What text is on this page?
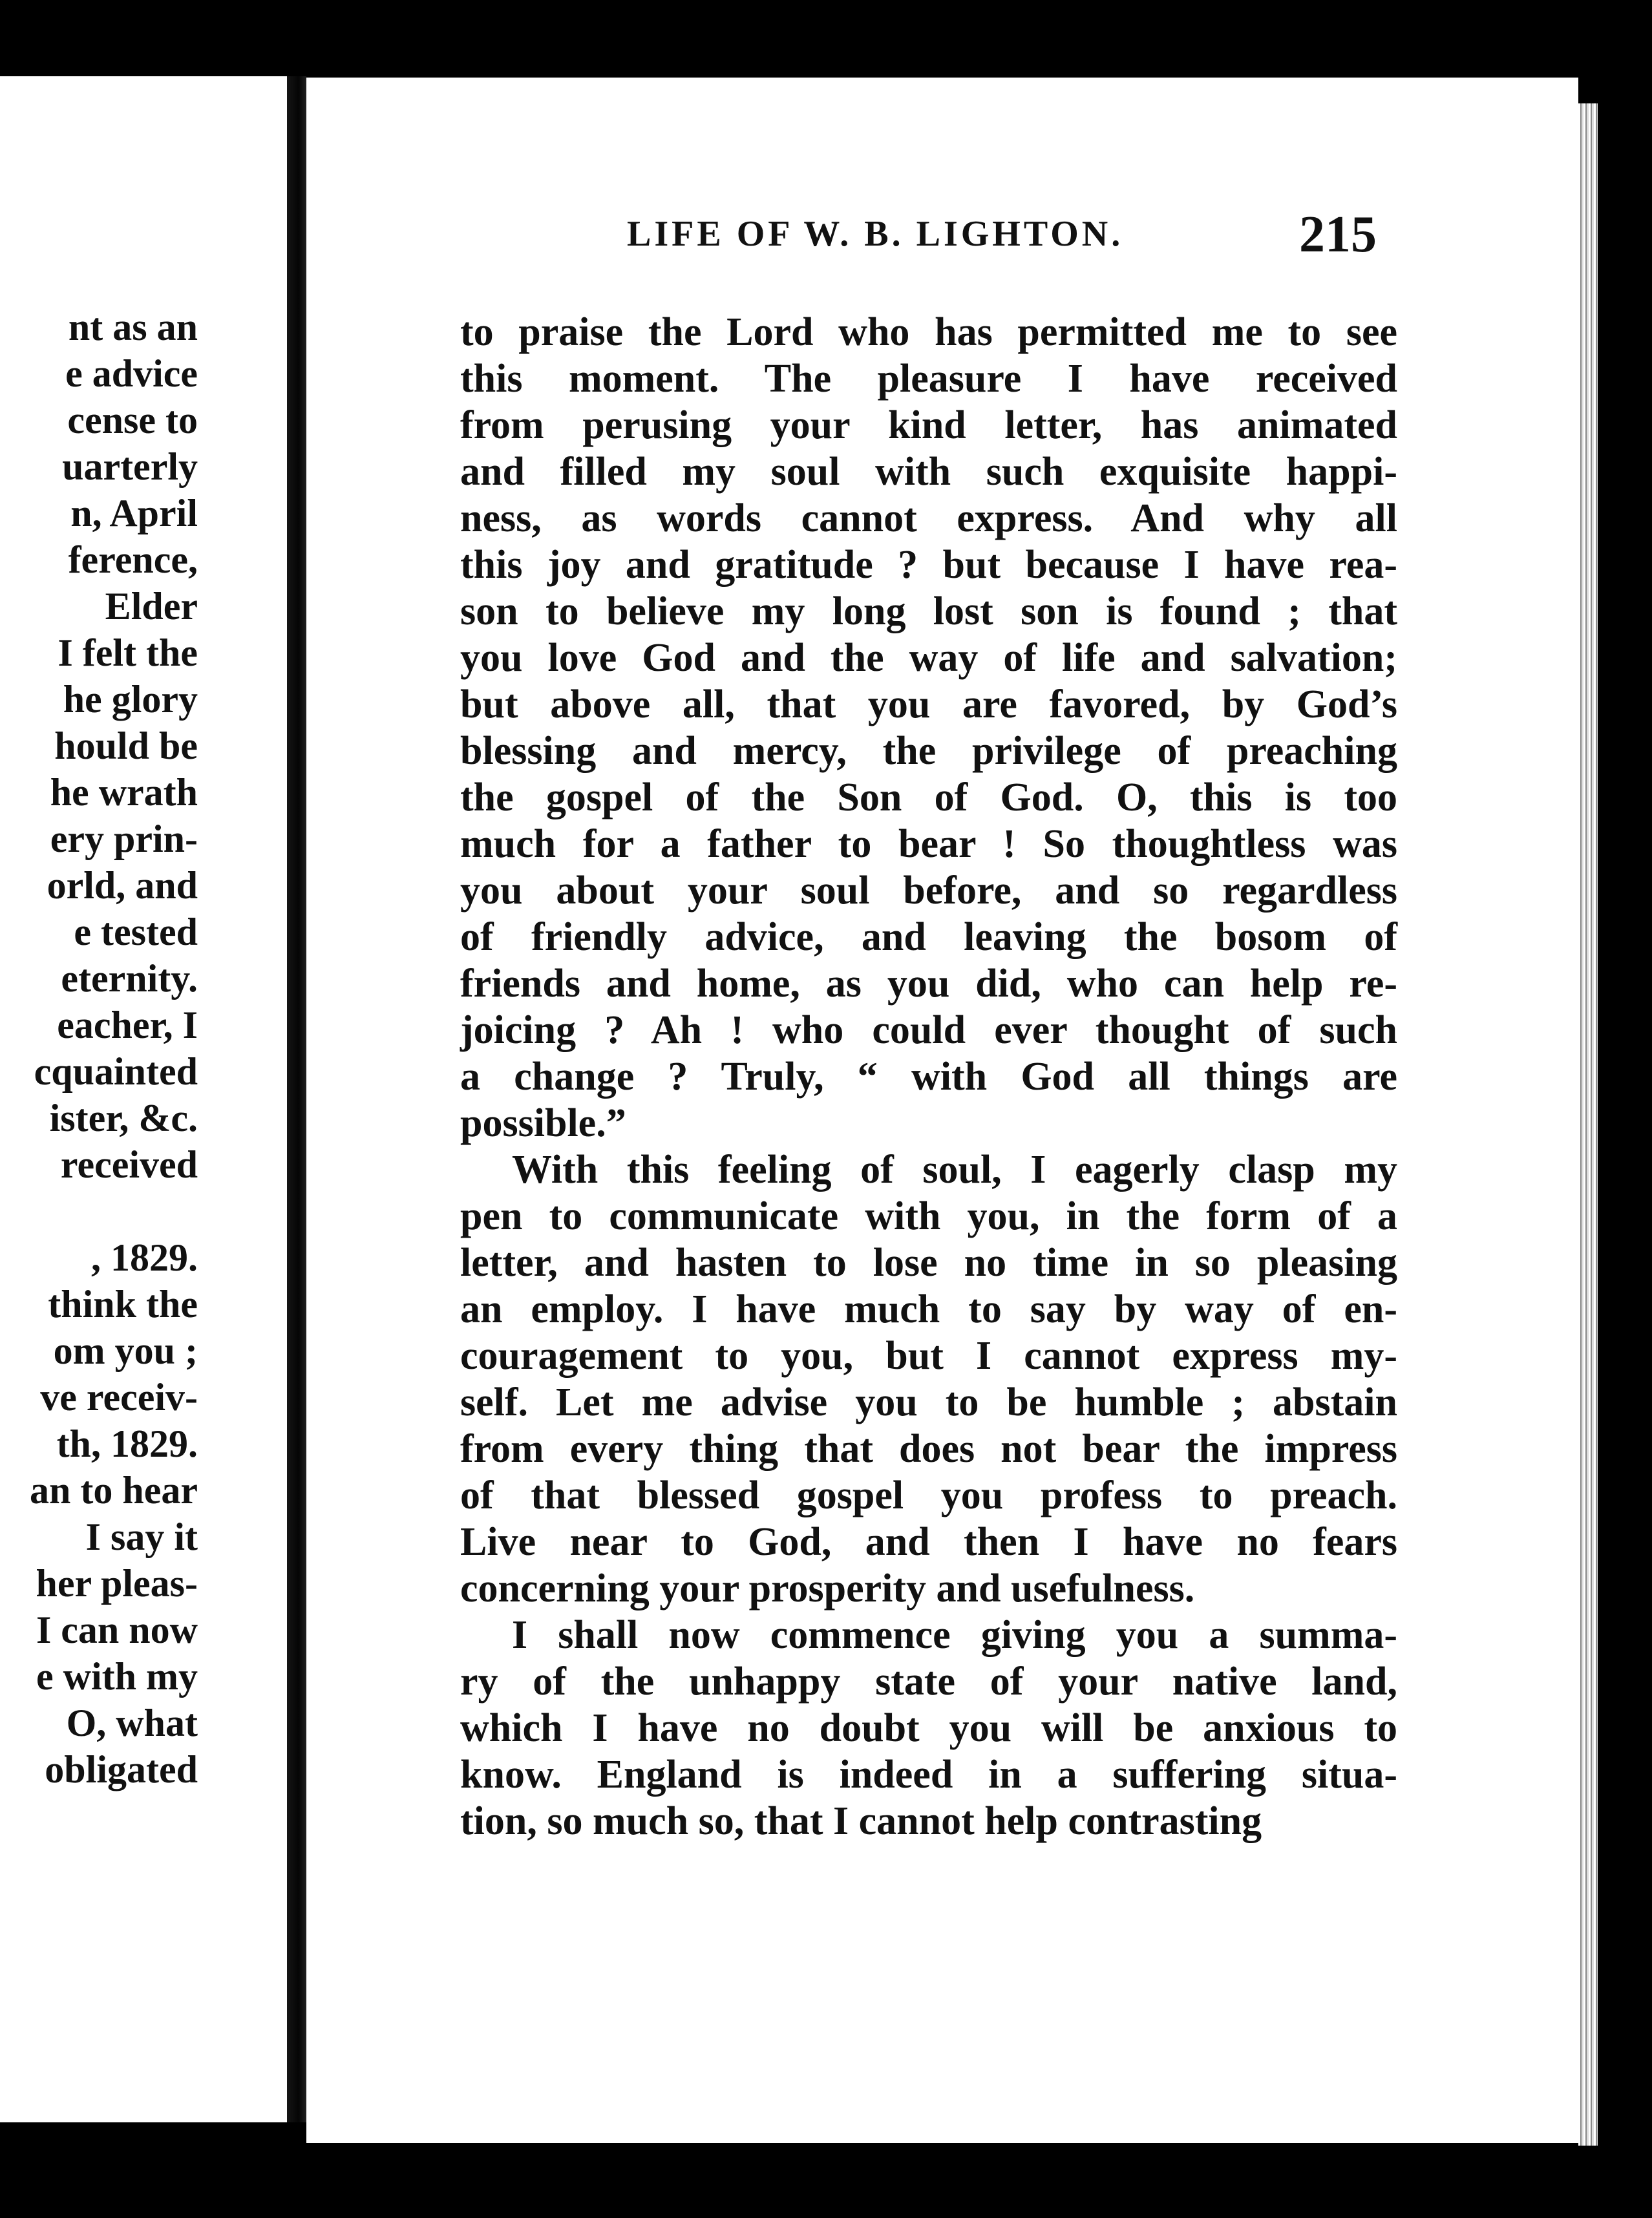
nt as an
e advice
cense to
uarterly
n, April
ference,
Elder
I felt the
he glory
hould be
he wrath
ery prin-
orld, and
e tested
eternity.
eacher, I
cquainted
ister, &c.
received
, 1829.
think the
om you ;
ve receiv-
th, 1829.
an to hear
I say it
her pleas-
I can now
e with my
O, what
obligated
LIFE OF W. B. LIGHTON.	215
to praise the Lord who has permitted me to see
this moment. The pleasure I have received
from perusing your kind letter, has animated
and filled my soul with such exquisite happi-
ness, as words cannot express. And why all
this joy and gratitude ? but because I have rea-
son to believe my long lost son is found ; that
you love God and the way of life and salvation;
but above all, that you are favored, by God’s
blessing and mercy, the privilege of preaching
the gospel of the Son of God. O, this is too
much for a father to bear ! So thoughtless was
you about your soul before, and so regardless
of friendly advice, and leaving the bosom of
friends and home, as you did, who can help re-
joicing ? Ah ! who could ever thought of such
a change ? Truly, “ with God all things are
possible.”
With this feeling of soul, I eagerly clasp my
pen to communicate with you, in the form of a
letter, and hasten to lose no time in so pleasing
an employ. I have much to say by way of en-
couragement to you, but I cannot express my-
self. Let me advise you to be humble ; abstain
from every thing that does not bear the impress
of that blessed gospel you profess to preach.
Live near to God, and then I have no fears
concerning your prosperity and usefulness.
I shall now commence giving you a summa-
ry of the unhappy state of your native land,
which I have no doubt you will be anxious to
know. England is indeed in a suffering situa-
tion, so much so, that I cannot help contrasting
